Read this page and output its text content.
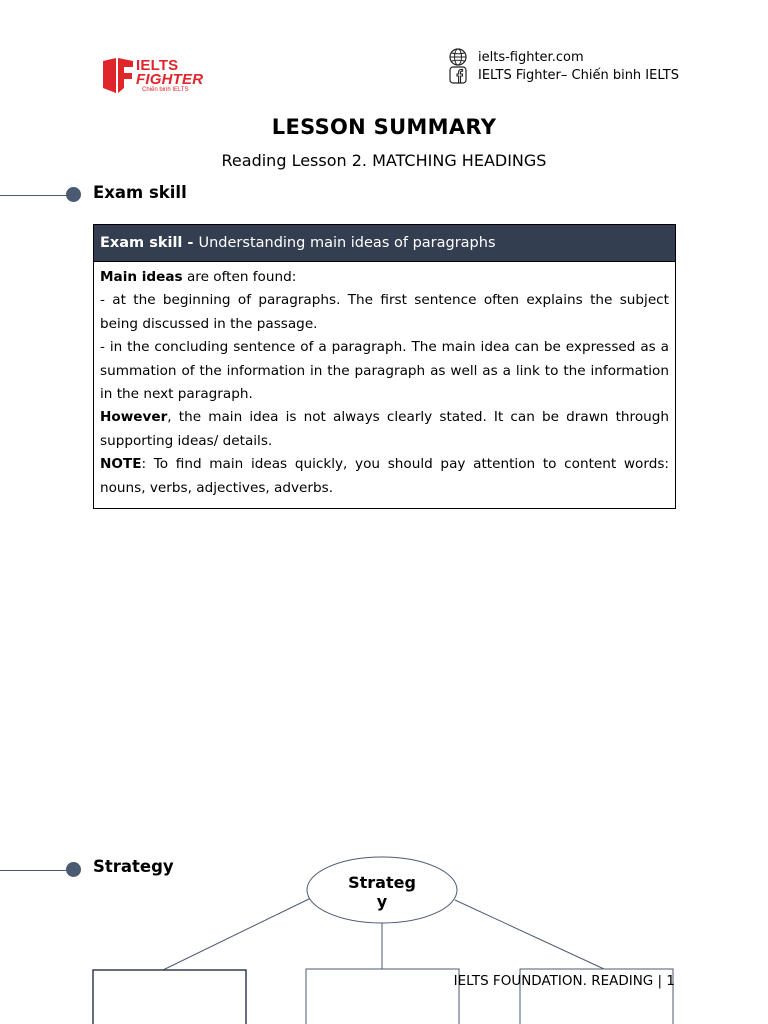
IELTS
FIGHTER
Chiến binh IELTS
ielts-fighter.com
IELTS Fighter– Chiến binh IELTS
LESSON SUMMARY
Reading Lesson 2. MATCHING HEADINGS
Exam skill
Exam skill - Understanding main ideas of paragraphs

Main ideas are often found:

- at the beginning of paragraphs. The first sentence often explains the subject being discussed in the passage.

- in the concluding sentence of a paragraph. The main idea can be expressed as a summation of the information in the paragraph as well as a link to the information in the next paragraph.

However, the main idea is not always clearly stated. It can be drawn through supporting ideas/ details.

NOTE: To find main ideas quickly, you should pay attention to content words: nouns, verbs, adjectives, adverbs.

Strategy
Strateg
y
IELTS FOUNDATION. READING | 1
